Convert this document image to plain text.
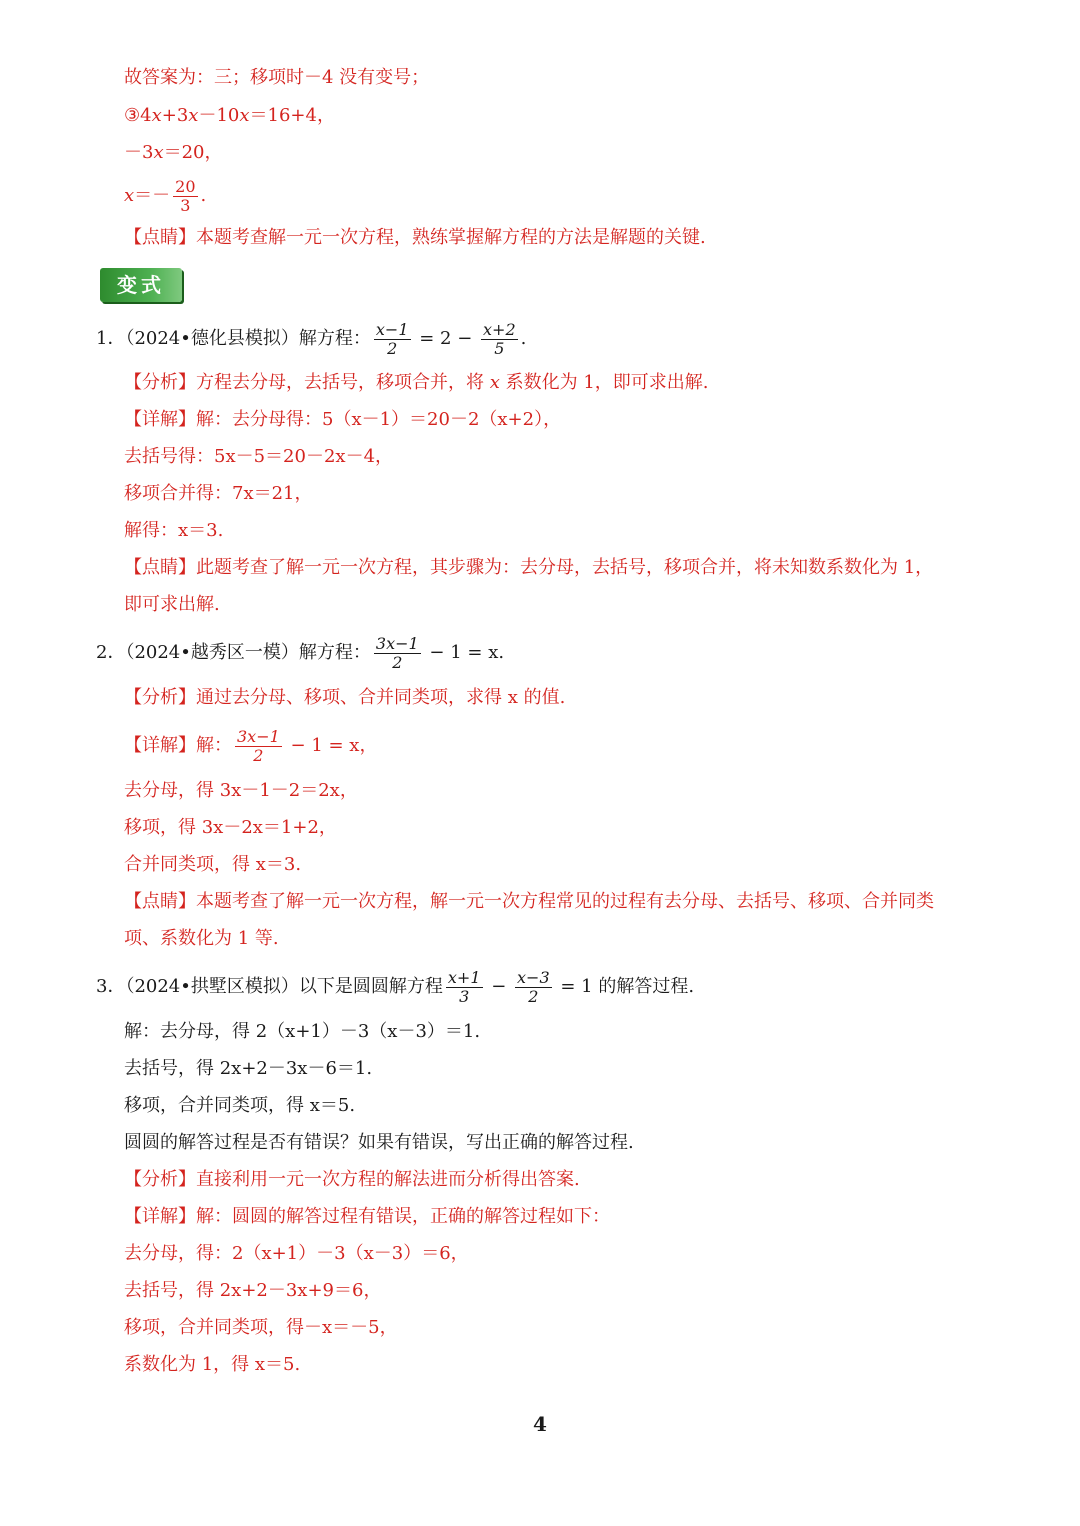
故答案为：三；移项时－4 没有变号；
③4x+3x－10x＝16+4，
－3x＝20，
$x=- \frac{20}{3}$ .
【点睛】本题考查解一元一次方程，熟练掌握解方程的方法是解题的关键.
变式
1．（2024•德化县模拟）解方程： $\frac{x-1}{2} = 2 - \frac{x+2}{5}$ .
【分析】方程去分母，去括号，移项合并，将 x 系数化为 1，即可求出解.
【详解】解：去分母得：5（x－1）＝20－2（x+2），
去括号得：5x－5＝20－2x－4，
移项合并得：7x＝21，
解得：x＝3.
【点睛】此题考查了解一元一次方程，其步骤为：去分母，去括号，移项合并，将未知数系数化为 1，
即可求出解.
2．（2024•越秀区一模）解方程： $\frac{3x-1}{2} - 1 = x$.
【分析】通过去分母、移项、合并同类项，求得 x 的值.
【详解】解： $\frac{3x-1}{2} - 1 = x$，
去分母，得 3x－1－2＝2x，
移项，得 3x－2x＝1+2，
合并同类项，得 x＝3.
【点睛】本题考查了解一元一次方程，解一元一次方程常见的过程有去分母、去括号、移项、合并同类
项、系数化为 1 等.
3．（2024•拱墅区模拟）以下是圆圆解方程 $\frac{x+1}{3} - \frac{x-3}{2} = 1$ 的解答过程.
解：去分母，得 2（x+1）－3（x－3）＝1.
去括号，得 2x+2－3x－6＝1.
移项，合并同类项，得 x＝5.
圆圆的解答过程是否有错误？如果有错误，写出正确的解答过程.
【分析】直接利用一元一次方程的解法进而分析得出答案.
【详解】解：圆圆的解答过程有错误，正确的解答过程如下：
去分母，得：2（x+1）－3（x－3）＝6，
去括号，得 2x+2－3x+9＝6，
移项，合并同类项，得－x＝－5，
系数化为 1，得 x＝5.
4
